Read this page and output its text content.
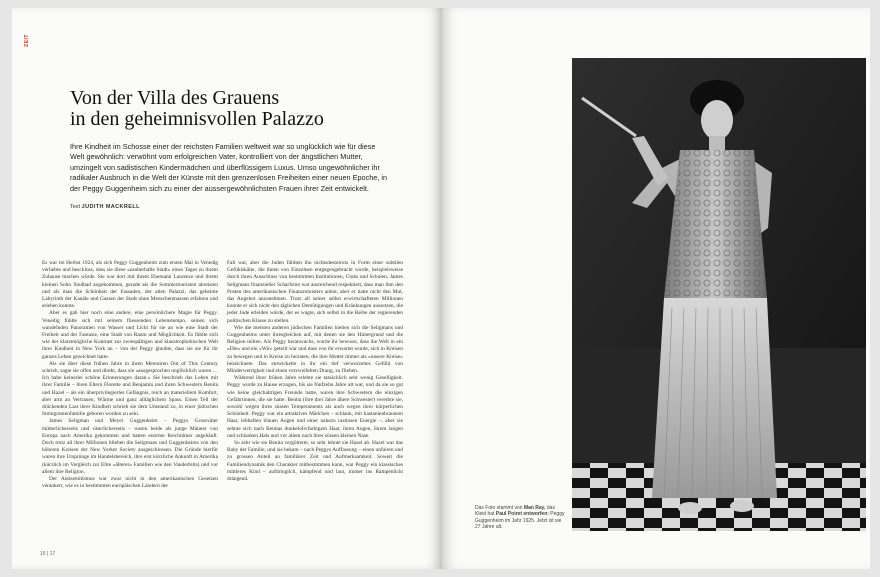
ZEIT
Von der Villa des Grauens
in den geheimnisvollen Palazzo

Ihre Kindheit im Schosse einer der reichsten Familien weltweit war so unglücklich wie für diese Welt gewöhnlich: verwöhnt vom erfolgreichen Vater, kontrolliert von der ängstlichen Mutter, umzingelt von sadistischen Kindermädchen und überflüssigem Luxus. Umso ungewöhnlicher ihr radikaler Ausbruch in die Welt der Künste mit den grenzenlosen Freiheiten einer neuen Epoche, in der Peggy Guggenheim sich zu einer der aussergewöhnlichsten Frauen ihrer Zeit entwickelt.

Text JUDITH MACKRELL

Es war im Herbst 1924, als sich Peggy Guggenheim zum ersten Mal in Venedig verliebte und beschloss, dass sie diese «zauberhafte Stadt» eines Tages zu ihrem Zuhause machen würde. Sie war dort mit ihrem Ehemann Laurence und ihrem kleinen Sohn Sindbad angekommen, gerade als die Sommertouristen abreisten und als man die Schönheit der Fassaden, der alten Palazzi, das geheime Labyrinth der Kanäle und Gassen der Stadt ohne Menschenmassen erfahren und erleben konnte.

Aber es gab hier noch eine andere, eine persönlichere Magie für Peggy. Venedig fühlte sich mit seinem fliessenden Lebenstempo, seinen sich wandelnden Panoramen von Wasser und Licht für sie an wie eine Stadt der Freiheit und der Fantasie, eine Stadt von Raum und Möglichkeit. Es fühlte sich wie der klarstmögliche Kontrast zur zwiespältigen und klaustrophobischen Welt ihrer Kindheit in New York an – von der Peggy glaubte, dass sie sie für ihr ganzes Leben gezeichnet hatte.

Als sie über diese frühen Jahre in ihren Memoiren Out of This Century schrieb, sagte sie offen und direkt, dass sie «ausgesprochen unglücklich waren … Ich habe keinerlei schöne Erinnerungen daran.» Sie beschrieb das Leben mit ihrer Familie – ihren Eltern Florette und Benjamin und ihren Schwestern Benita und Hazel – als ein überprivilegiertes Gefängnis, reich an materiellem Komfort, aber arm an Vertrauen, Wärme und ganz alltäglichem Spass. Einen Teil der drückenden Last ihrer Kindheit schrieb sie dem Umstand zu, in einer jüdischen Immigrantenfamilie geboren worden zu sein.

James Seligman und Meyer Guggenheim – Peggys Grossväter mütterlicherseits und väterlicherseits – waren beide als junge Männer von Europa nach Amerika gekommen und hatten enorme Reichtümer angehäuft. Doch trotz all ihrer Millionen blieben die Seligmans und Guggenheims von den höheren Kreisen der New Yorker Society ausgeschlossen. Die Gründe hierfür waren ihre Ursprünge im Handelsbereich, ihre erst kürzliche Ankunft in Amerika (kürzlich im Vergleich zur Elite «älterer» Familien wie den Vanderbilts) und vor allem ihre Religion.

Der Antisemitismus war zwar nicht in den amerikanischen Gesetzen verankert, wie es in bestimmten europäischen Ländern der

Fall war, aber die Juden fühlten ihn nichtsdestotrotz in Form einer subtilen Gefühlskälte, die ihnen von Einzelnen entgegengebracht wurde, beispielsweise durch ihren Ausschluss von bestimmten Institutionen, Clubs und Schulen. James Seligmans finanzieller Scharfsinn war ausreichend respektiert, dass man ihm den Posten des amerikanischen Finanzministers anbot, aber er hatte nicht den Mut, das Angebot anzunehmen. Trotz all seiner selbst erwirtschafteten Millionen konnte er sich nicht den täglichen Demütigungen und Kränkungen aussetzen, die jeder Jude erleiden würde, der es wagte, sich selbst in die Reihe der regierenden politischen Klasse zu stellen.

Wie die meisten anderen jüdischen Familien hielten sich die Seligmans und Guggenheims unter ihresgleichen auf, mit denen sie den Hintergrund und die Religion teilten. Als Peggy heranwuchs, wurde ihr bewusst, dass die Welt in ein «Die» und ein «Wir» geteilt war und dass von ihr erwartet wurde, sich in Kreisen zu bewegen und in Kreise zu heiraten, die ihre Mutter immer als «unsere Kreise» bezeichnete. Das entwickelte in ihr ein tief verwurzeltes Gefühl von Minderwertigkeit und einen verzweifelten Drang, zu fliehen.

Während ihrer frühen Jahre erlebte sie tatsächlich sehr wenig Geselligkeit. Peggy wurde zu Hause erzogen, bis sie fünfzehn Jahre alt war, und da sie so gut wie keine gleichaltrigen Freunde hatte, waren ihre Schwestern die einzigen Gefährtinnen, die sie hatte. Benita (ihre drei Jahre ältere Schwester) vererbte sie, sowohl wegen ihres süssen Temperaments als auch wegen ihrer körperlichen Schönheit. Peggy war ein attraktives Mädchen – schlank, mit kastanienbraunem Haar, lebhaften blauen Augen und einer nahezu rastlosen Energie –, aber sie sehnte sich nach Benitas dunkelolivfarbigem Haar, ihren Augen, ihrem langen und schlanken Hals und vor allem nach ihrer süssen kleinen Nase.

So sehr wie sie Benita vergötterte, so sehr lehnte sie Hazel ab. Hazel war das Baby der Familie, und sie bekam – nach Peggys Auffassung – einen unfairen und zu grossen Anteil an familiärer Zeit und Aufmerksamkeit. Soweit die Familiendynamik den Charakter mitbestimmen kann, war Peggy ein klassisches mittleres Kind – aufdringlich, kämpfend und laut, immer ins Rampenlicht drängend.

16 | 17
Das Foto stammt von Man Ray, das Kleid hat Paul Poiret entworfen: Peggy Guggenheim im Jahr 1925. Jetzt ist sie 27 Jahre alt.
